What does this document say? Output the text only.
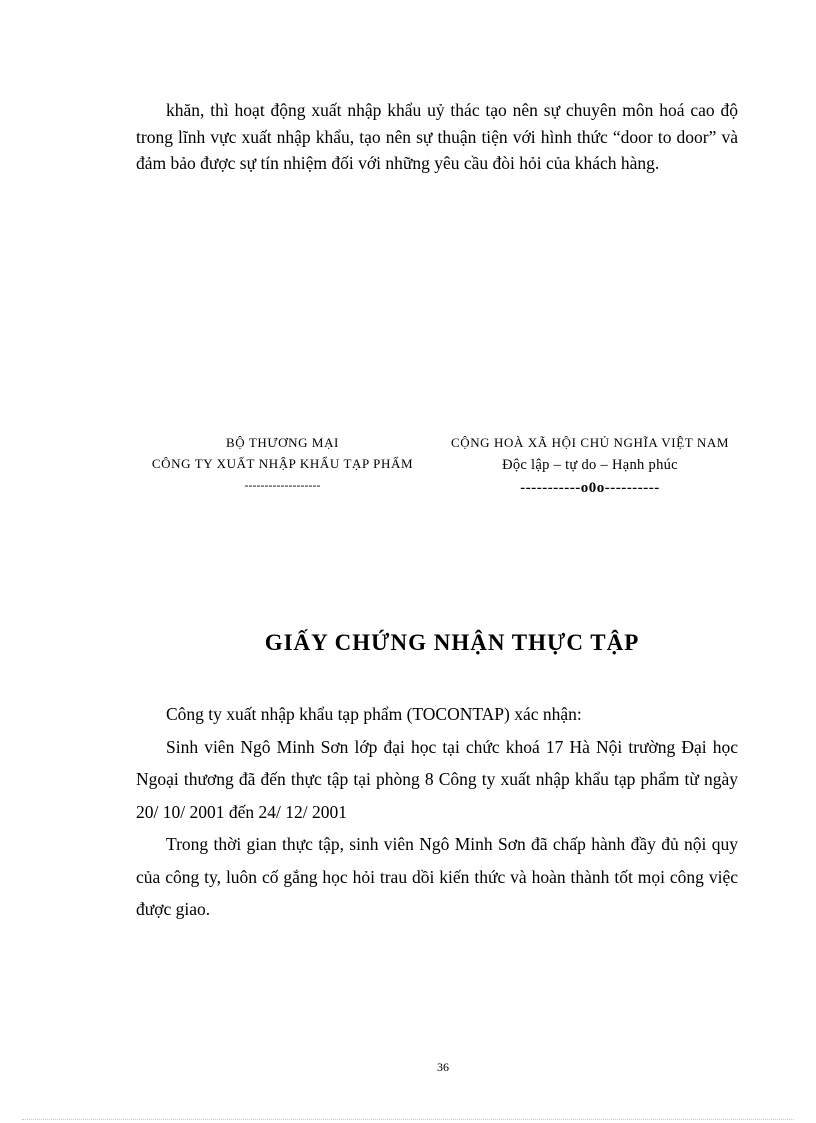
khăn, thì hoạt động xuất nhập khẩu uỷ thác tạo nên sự chuyên môn hoá cao độ trong lĩnh vực xuất nhập khẩu, tạo nên sự thuận tiện với hình thức “door to door” và đảm bảo được sự tín nhiệm đối với những yêu cầu đòi hỏi của khách hàng.

BỘ THƯƠNG MẠI
CÔNG TY XUẤT NHẬP KHẨU TẠP PHẨM
-------------------
CỘNG HOÀ XÃ HỘI CHỦ NGHĨA VIỆT NAM
Độc lập – tự do – Hạnh phúc
-----------o0o----------
GIẤY CHỨNG NHẬN THỰC TẬP

Công ty xuất nhập khẩu tạp phẩm (TOCONTAP) xác nhận:

Sinh viên Ngô Minh Sơn lớp đại học tại chức khoá 17 Hà Nội trường Đại học Ngoại thương đã đến thực tập tại phòng 8 Công ty xuất nhập khẩu tạp phẩm từ ngày 20/ 10/ 2001 đến 24/ 12/ 2001

Trong thời gian thực tập, sinh viên Ngô Minh Sơn đã chấp hành đầy đủ nội quy của công ty, luôn cố gắng học hỏi trau dồi kiến thức và hoàn thành tốt mọi công việc được giao.

36
